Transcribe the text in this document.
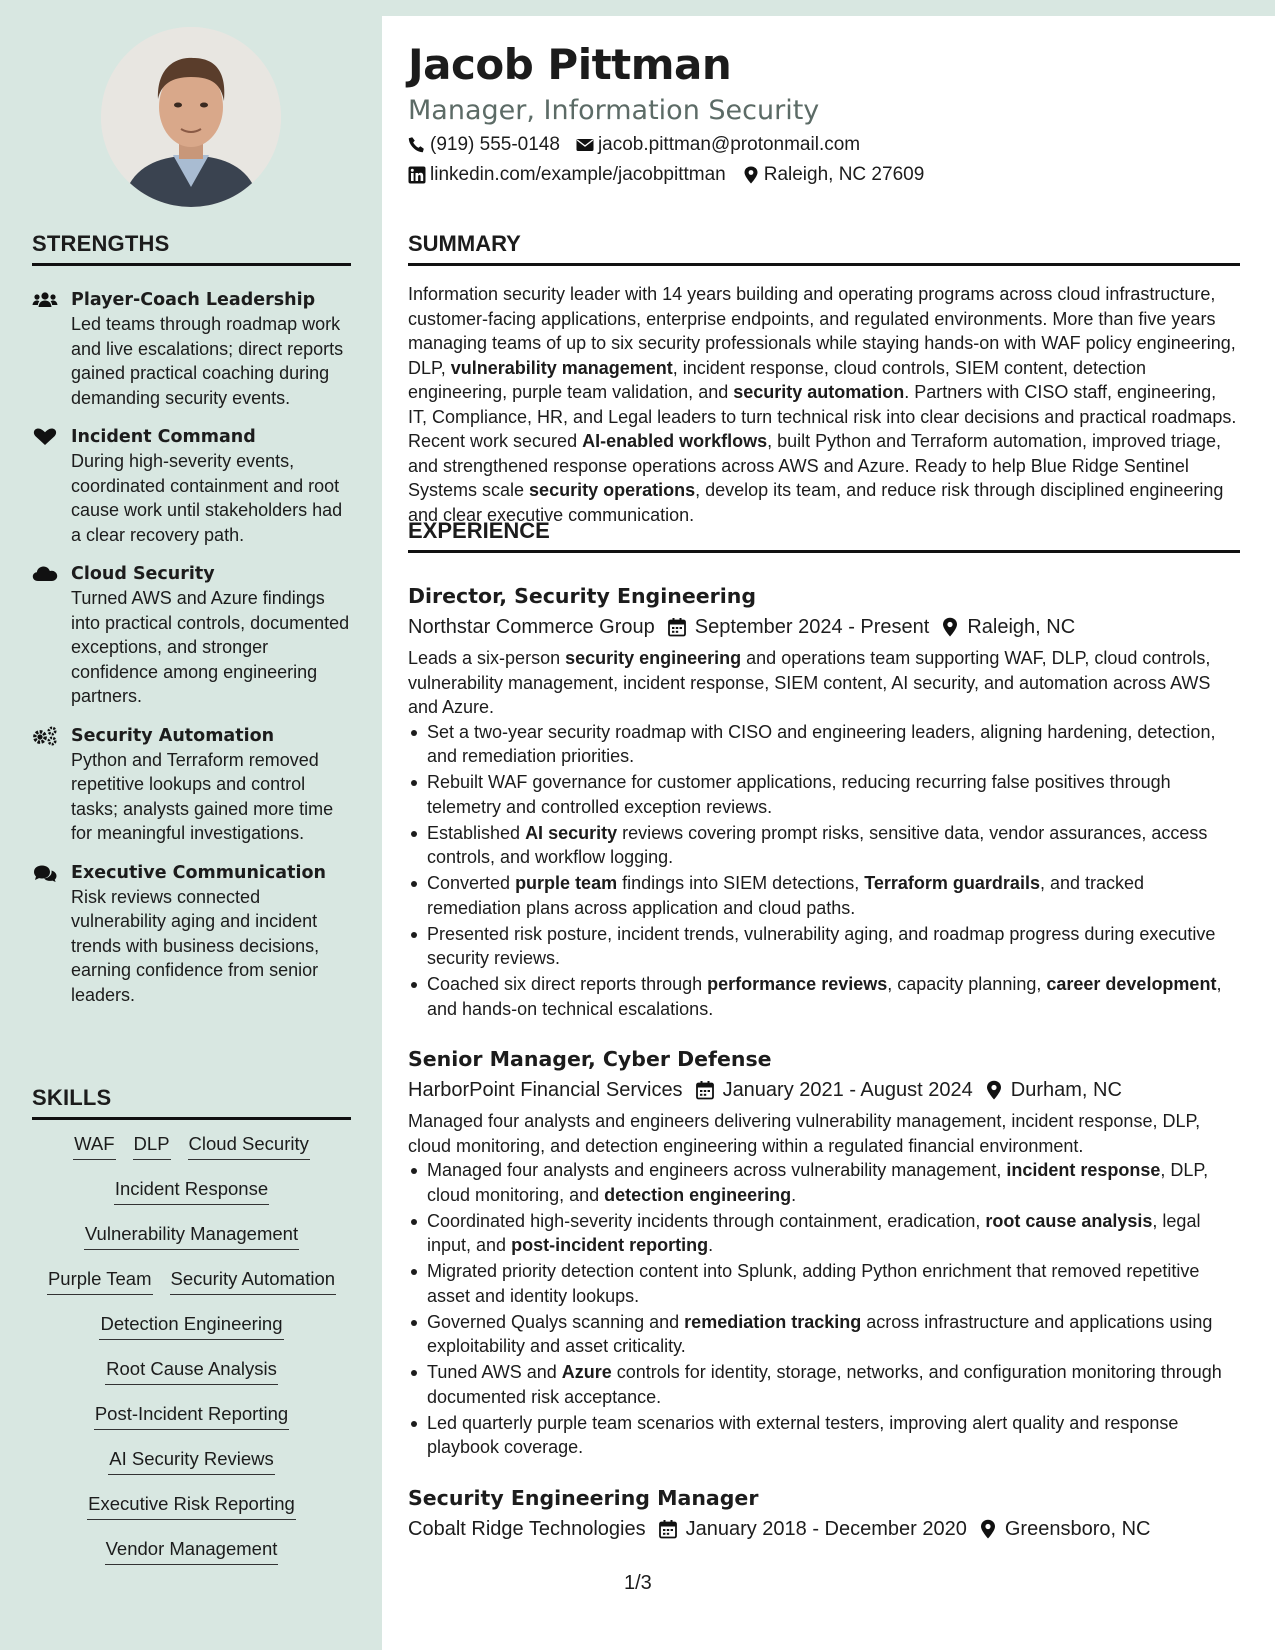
STRENGTHS
Player-Coach Leadership
Led teams through roadmap work and live escalations; direct reports gained practical coaching during demanding security events.
Incident Command
During high-severity events, coordinated containment and root cause work until stakeholders had a clear recovery path.
Cloud Security
Turned AWS and Azure findings into practical controls, documented exceptions, and stronger confidence among engineering partners.
Security Automation
Python and Terraform removed repetitive lookups and control tasks; analysts gained more time for meaningful investigations.
Executive Communication
Risk reviews connected vulnerability aging and incident trends with business decisions, earning confidence from senior leaders.
SKILLS
WAF DLP Cloud Security
Incident Response
Vulnerability Management
Purple Team Security Automation
Detection Engineering
Root Cause Analysis
Post-Incident Reporting
AI Security Reviews
Executive Risk Reporting
Vendor Management
Jacob Pittman
Manager, Information Security
(919) 555-0148 jacob.pittman@protonmail.com
linkedin.com/example/jacobpittman Raleigh, NC 27609
SUMMARY

Information security leader with 14 years building and operating programs across cloud infrastructure, customer-facing applications, enterprise endpoints, and regulated environments. More than five years managing teams of up to six security professionals while staying hands-on with WAF policy engineering, DLP, vulnerability management, incident response, cloud controls, SIEM content, detection engineering, purple team validation, and security automation. Partners with CISO staff, engineering, IT, Compliance, HR, and Legal leaders to turn technical risk into clear decisions and practical roadmaps. Recent work secured AI-enabled workflows, built Python and Terraform automation, improved triage, and strengthened response operations across AWS and Azure. Ready to help Blue Ridge Sentinel Systems scale security operations, develop its team, and reduce risk through disciplined engineering and clear executive communication.

EXPERIENCE
Director, Security Engineering
Northstar Commerce Group September 2024 - Present Raleigh, NC
Leads a six-person security engineering and operations team supporting WAF, DLP, cloud controls, vulnerability management, incident response, SIEM content, AI security, and automation across AWS and Azure.
Set a two-year security roadmap with CISO and engineering leaders, aligning hardening, detection, and remediation priorities.
Rebuilt WAF governance for customer applications, reducing recurring false positives through telemetry and controlled exception reviews.
Established AI security reviews covering prompt risks, sensitive data, vendor assurances, access controls, and workflow logging.
Converted purple team findings into SIEM detections, Terraform guardrails, and tracked remediation plans across application and cloud paths.
Presented risk posture, incident trends, vulnerability aging, and roadmap progress during executive security reviews.
Coached six direct reports through performance reviews, capacity planning, career development, and hands-on technical escalations.
Senior Manager, Cyber Defense
HarborPoint Financial Services January 2021 - August 2024 Durham, NC
Managed four analysts and engineers delivering vulnerability management, incident response, DLP, cloud monitoring, and detection engineering within a regulated financial environment.
Managed four analysts and engineers across vulnerability management, incident response, DLP, cloud monitoring, and detection engineering.
Coordinated high-severity incidents through containment, eradication, root cause analysis, legal input, and post-incident reporting.
Migrated priority detection content into Splunk, adding Python enrichment that removed repetitive asset and identity lookups.
Governed Qualys scanning and remediation tracking across infrastructure and applications using exploitability and asset criticality.
Tuned AWS and Azure controls for identity, storage, networks, and configuration monitoring through documented risk acceptance.
Led quarterly purple team scenarios with external testers, improving alert quality and response playbook coverage.
Security Engineering Manager
Cobalt Ridge Technologies January 2018 - December 2020 Greensboro, NC
1/3
